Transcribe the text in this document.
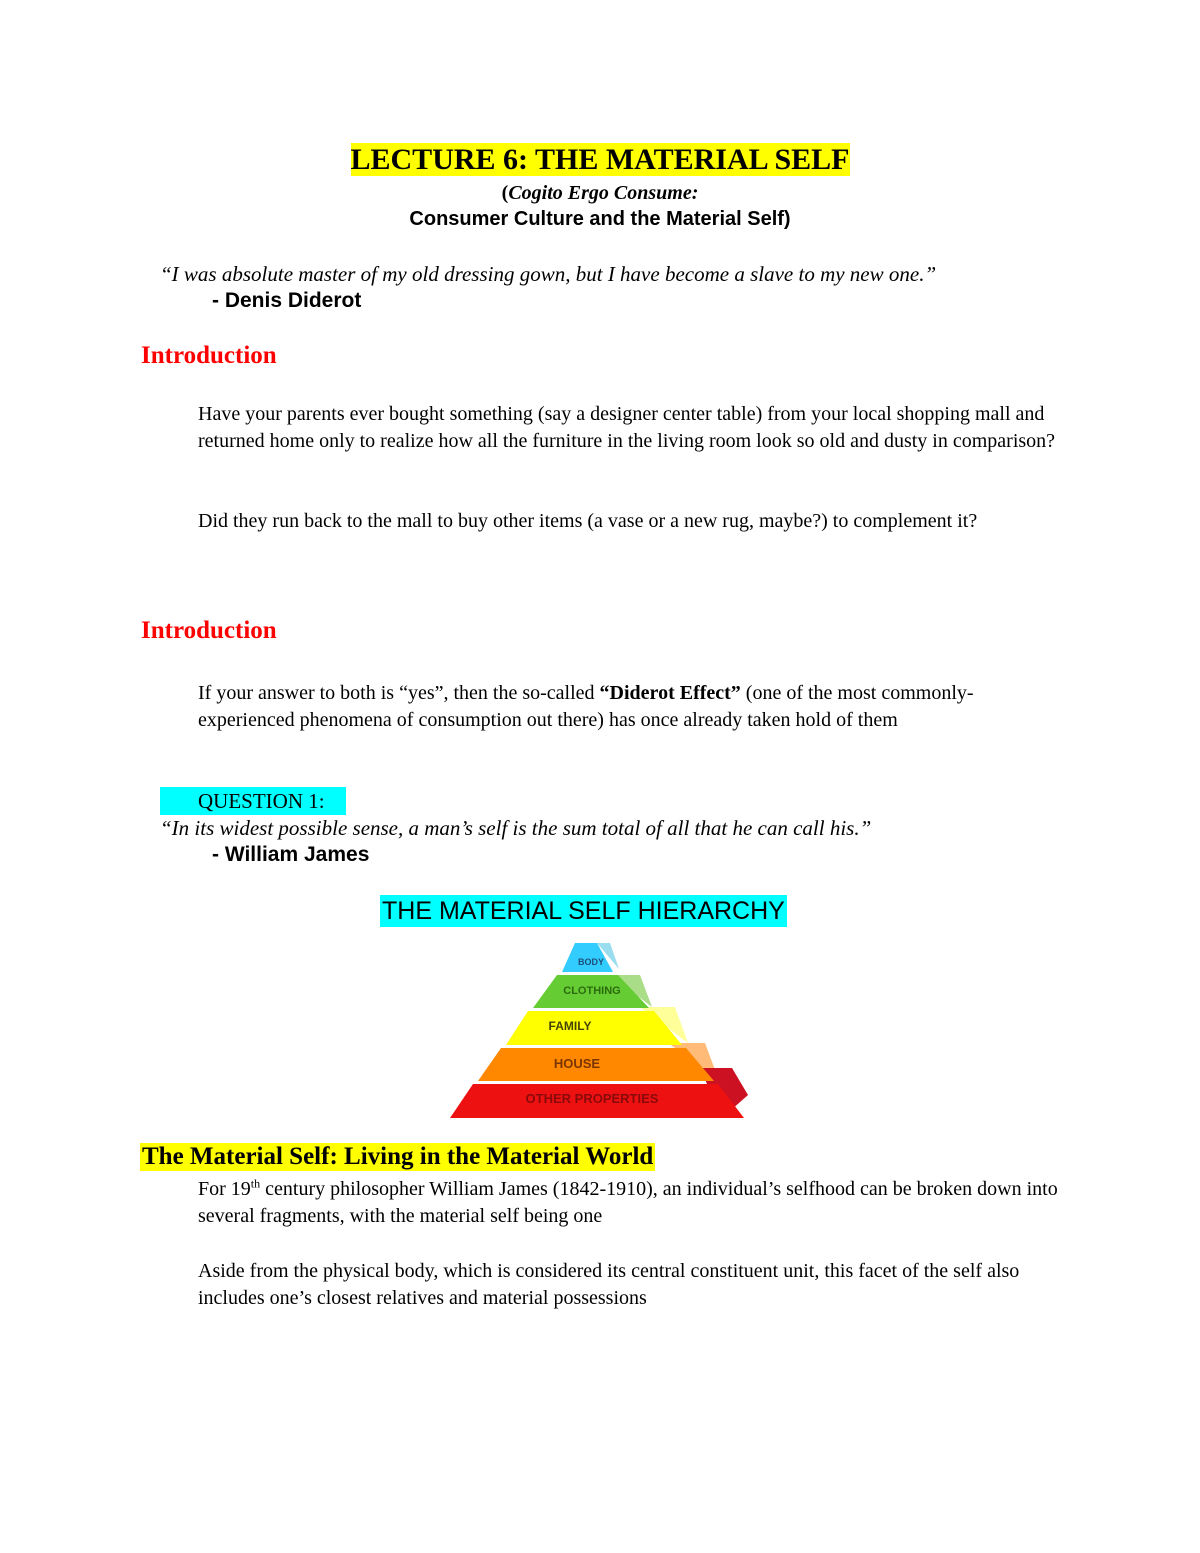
LECTURE 6: THE MATERIAL SELF
(Cogito Ergo Consume:
Consumer Culture and the Material Self)
“I was absolute master of my old dressing gown, but I have become a slave to my new one.”
- Denis Diderot
Introduction
Have your parents ever bought something (say a designer center table) from your local shopping mall and returned home only to realize how all the furniture in the living room look so old and dusty in comparison?
Did they run back to the mall to buy other items (a vase or a new rug, maybe?) to complement it?
Introduction
If your answer to both is “yes”, then the so-called “Diderot Effect” (one of the most commonly-experienced phenomena of consumption out there) has once already taken hold of them
QUESTION 1:
“In its widest possible sense, a man’s self is the sum total of all that he can call his.”
- William James
THE MATERIAL SELF HIERARCHY
BODY
CLOTHING
FAMILY
HOUSE
OTHER PROPERTIES
The Material Self: Living in the Material World
For 19th century philosopher William James (1842-1910), an individual’s selfhood can be broken down into several fragments, with the material self being one
Aside from the physical body, which is considered its central constituent unit, this facet of the self also includes one’s closest relatives and material possessions
